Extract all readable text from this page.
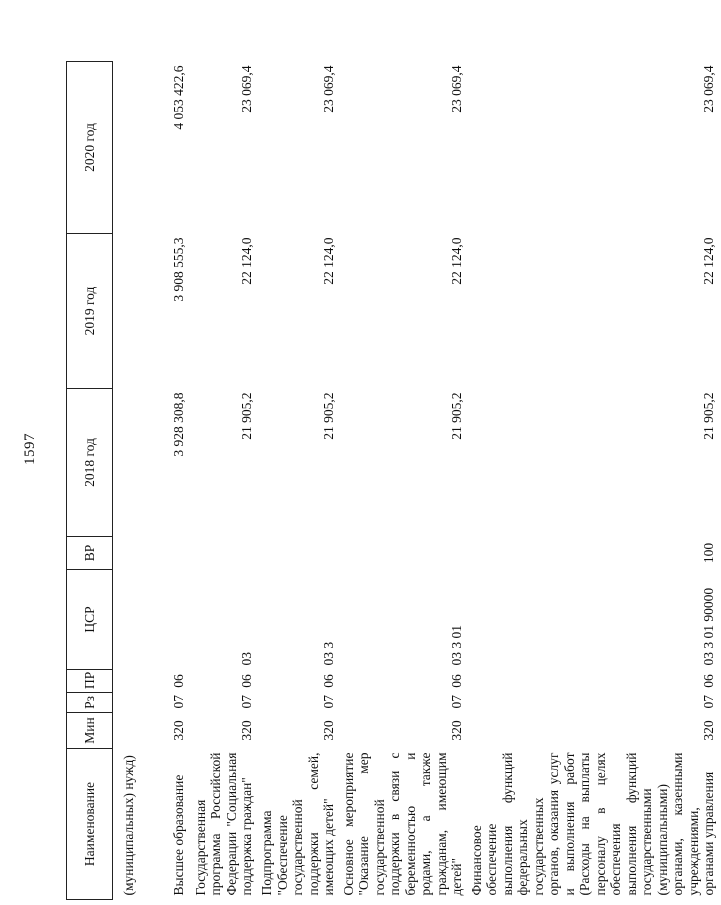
1597
Наименование	Мин	Рз	ПР	ЦСР	ВР	2018 год	2019 год	2020 год
(муниципальных) нужд)								
Высшее образование	320	07	06			3 928 308,8	3 908 555,3	4 053 422,6
Государственная программа Российской Федерации "Социальная поддержка граждан"	320	07	06	03		21 905,2	22 124,0	23 069,4
Подпрограмма "Обеспечение государственной поддержки семей, имеющих детей"	320	07	06	03 3		21 905,2	22 124,0	23 069,4
Основное мероприятие "Оказание мер государственной поддержки в связи с беременностью и родами, а также гражданам, имеющим детей"	320	07	06	03 3 01		21 905,2	22 124,0	23 069,4
Финансовое обеспечение выполнения функций федеральных государственных органов, оказания услуг и выполнения работ (Расходы на выплаты персоналу в целях обеспечения выполнения функций государственными (муниципальными) органами, казенными учреждениями, органами управления	320	07	06	03 3 01 90000	100	21 905,2	22 124,0	23 069,4
